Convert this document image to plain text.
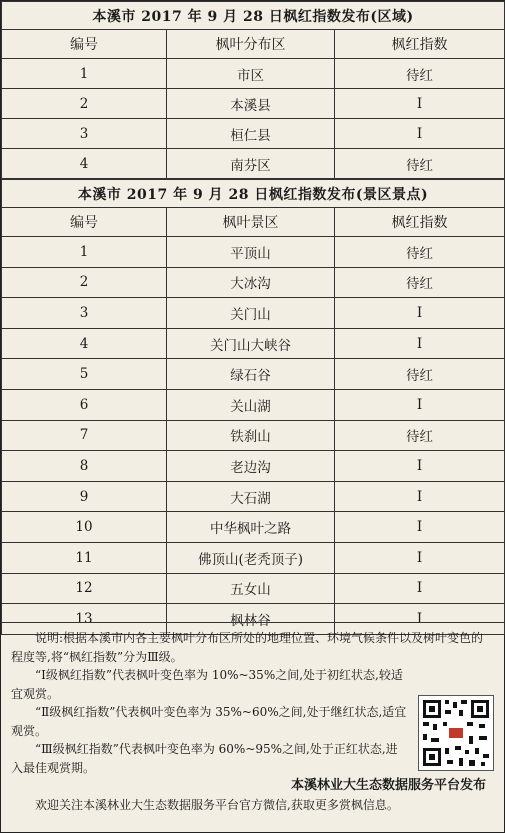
本溪市 2017 年 9 月 28 日枫红指数发布(区域)		
编号	枫叶分布区	枫红指数
1	市区	待红
2	本溪县	Ⅰ
3	桓仁县	Ⅰ
4	南芬区	待红
本溪市 2017 年 9 月 28 日枫红指数发布(景区景点)		
编号	枫叶景区	枫红指数
1	平顶山	待红
2	大冰沟	待红
3	关门山	Ⅰ
4	关门山大峡谷	Ⅰ
5	绿石谷	待红
6	关山湖	Ⅰ
7	铁刹山	待红
8	老边沟	Ⅰ
9	大石湖	Ⅰ
10	中华枫叶之路	Ⅰ
11	佛顶山(老秃顶子)	Ⅰ
12	五女山	Ⅰ
13	枫林谷	Ⅰ

说明:根据本溪市内各主要枫叶分布区所处的地理位置、环境气候条件以及树叶变色的程度等,将“枫红指数”分为Ⅲ级。

“Ⅰ级枫红指数”代表枫叶变色率为 10%~35%之间,处于初红状态,较适宜观赏。

“Ⅱ级枫红指数”代表枫叶变色率为 35%~60%之间,处于继红状态,适宜观赏。

“Ⅲ级枫红指数”代表枫叶变色率为 60%~95%之间,处于正红状态,进入最佳观赏期。

本溪林业大生态数据服务平台发布

欢迎关注本溪林业大生态数据服务平台官方微信,获取更多赏枫信息。
